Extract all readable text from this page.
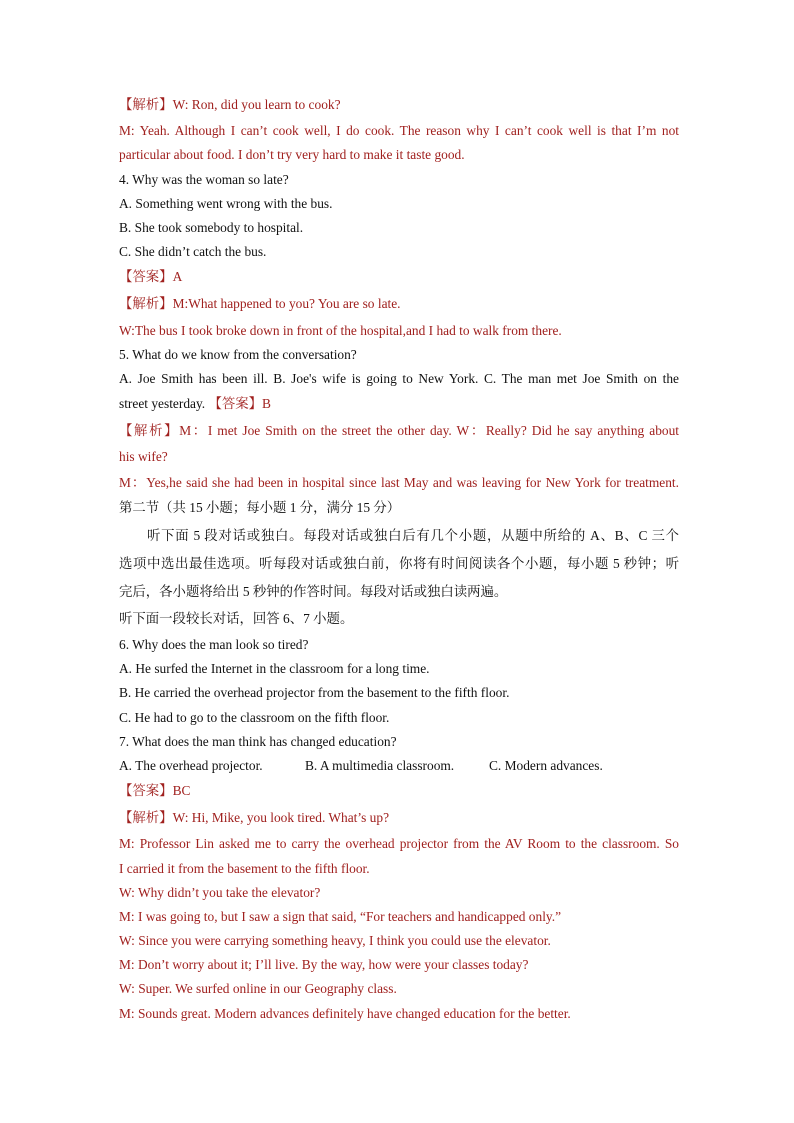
【解析】W: Ron, did you learn to cook?
M: Yeah. Although I can’t cook well, I do cook. The reason why I can’t cook well is that I’m not
particular about food. I don’t try very hard to make it taste good.
4. Why was the woman so late?
A. Something went wrong with the bus.
B. She took somebody to hospital.
C. She didn’t catch the bus.
【答案】A
【解析】M:What happened to you? You are so late.
W:The bus I took broke down in front of the hospital,and I had to walk from there.
5. What do we know from the conversation?
A. Joe Smith has been ill. B. Joe's wife is going to New York. C. The man met Joe Smith on the
street yesterday. 【答案】B
【解析】M：I met Joe Smith on the street the other day. W：Really? Did he say anything about
his wife?
M：Yes,he said she had been in hospital since last May and was leaving for New York for treatment.
第二节（共 15 小题；每小题 1 分，满分 15 分）
听下面 5 段对话或独白。每段对话或独白后有几个小题，从题中所给的 A、B、C 三个
选项中选出最佳选项。听每段对话或独白前，你将有时间阅读各个小题，每小题 5 秒钟；听
完后，各小题将给出 5 秒钟的作答时间。每段对话或独白读两遍。
听下面一段较长对话，回答 6、7 小题。
6. Why does the man look so tired?
A. He surfed the Internet in the classroom for a long time.
B. He carried the overhead projector from the basement to the fifth floor.
C. He had to go to the classroom on the fifth floor.
7. What does the man think has changed education?
A. The overhead projector.	B. A multimedia classroom.	C. Modern advances.
【答案】BC
【解析】W: Hi, Mike, you look tired. What’s up?
M: Professor Lin asked me to carry the overhead projector from the AV Room to the classroom. So
I carried it from the basement to the fifth floor.
W: Why didn’t you take the elevator?
M: I was going to, but I saw a sign that said, “For teachers and handicapped only.”
W: Since you were carrying something heavy, I think you could use the elevator.
M: Don’t worry about it; I’ll live. By the way, how were your classes today?
W: Super. We surfed online in our Geography class.
M: Sounds great. Modern advances definitely have changed education for the better.
